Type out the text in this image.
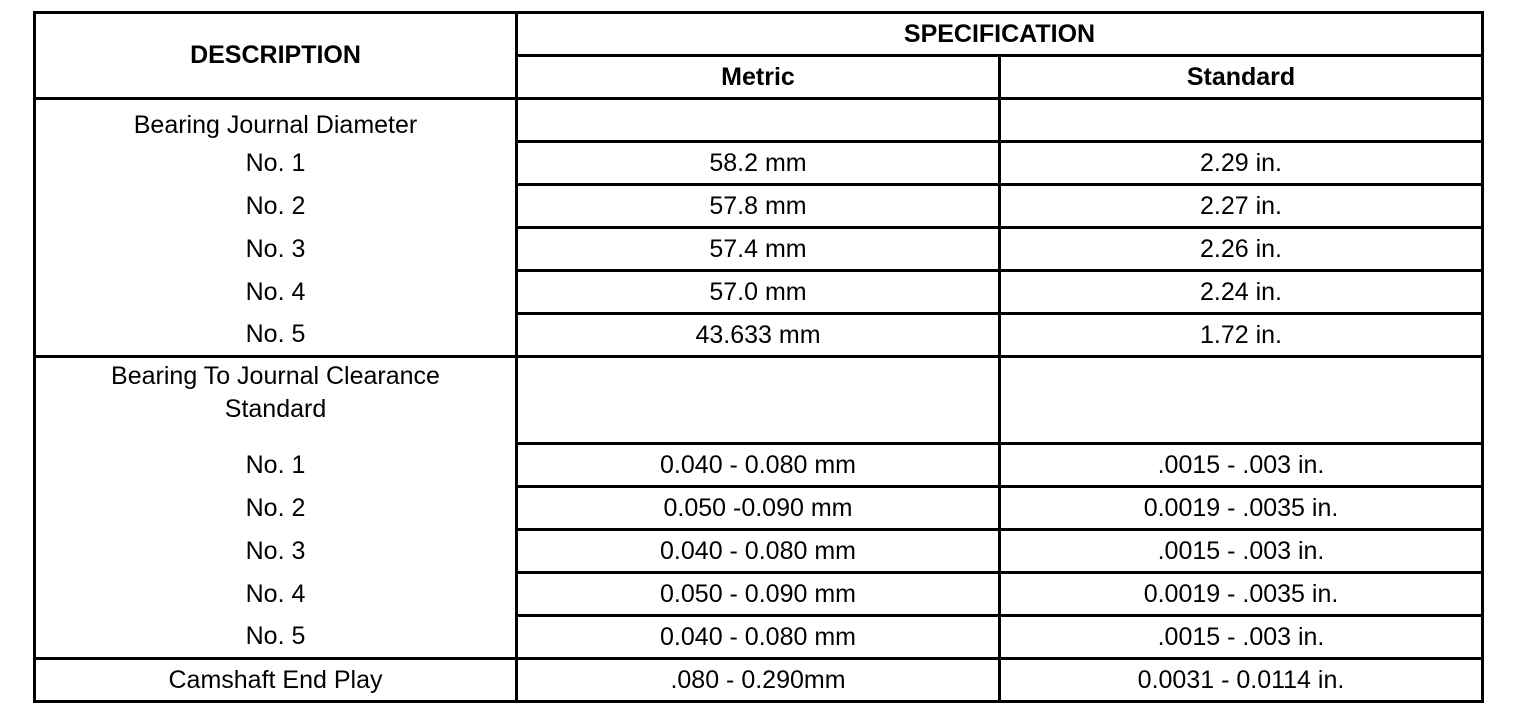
DESCRIPTION	SPECIFICATION	
	Metric	Standard

Bearing Journal Diameter		

No. 1	58.2 mm	2.29 in.
No. 2	57.8 mm	2.27 in.
No. 3	57.4 mm	2.26 in.
No. 4	57.0 mm	2.24 in.
No. 5	43.633 mm	1.72 in.

Bearing To Journal Clearance
Standard		

No. 1	0.040 - 0.080 mm	.0015 - .003 in.
No. 2	0.050 -0.090 mm	0.0019 - .0035 in.
No. 3	0.040 - 0.080 mm	.0015 - .003 in.
No. 4	0.050 - 0.090 mm	0.0019 - .0035 in.
No. 5	0.040 - 0.080 mm	.0015 - .003 in.
Camshaft End Play	.080 - 0.290mm	0.0031 - 0.0114 in.
